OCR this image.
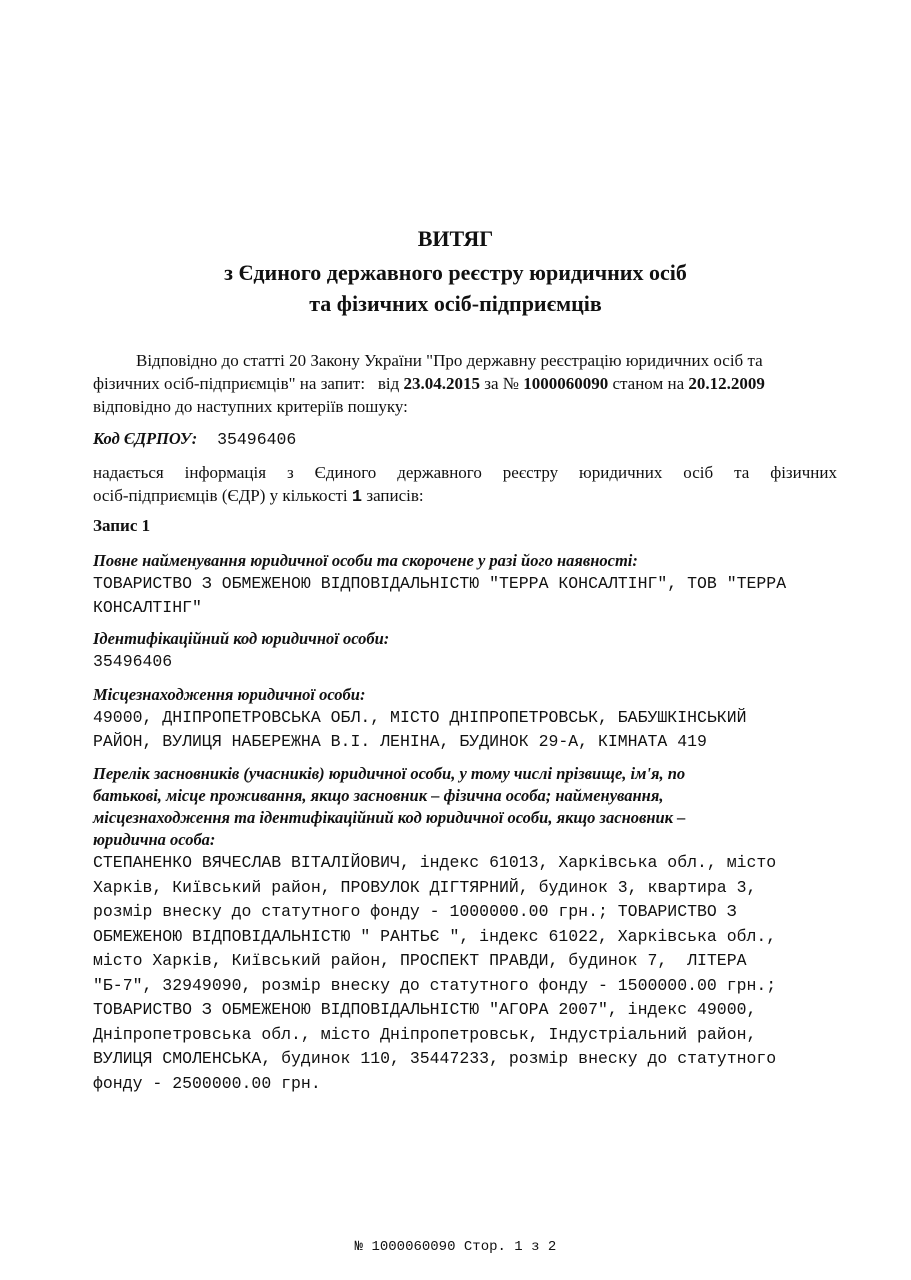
ВИТЯГ
з Єдиного державного реєстру юридичних осіб
та фізичних осіб-підприємців
Відповідно до статті 20 Закону України "Про державну реєстрацію юридичних осіб та
фізичних осіб-підприємців" на запит:   від 23.04.2015 за № 1000060090 станом на 20.12.2009
відповідно до наступних критеріїв пошуку:
Код ЄДРПОУ: 35496406
надається інформація з Єдиного державного реєстру юридичних осіб та фізичних
осіб-підприємців (ЄДР) у кількості 1 записів:
Запис 1
Повне найменування юридичної особи та скорочене у разі його наявності:
ТОВАРИСТВО З ОБМЕЖЕНОЮ ВІДПОВІДАЛЬНІСТЮ "ТЕРРА КОНСАЛТІНГ", ТОВ "ТЕРРА
КОНСАЛТІНГ"
Ідентифікаційний код юридичної особи:
35496406
Місцезнаходження юридичної особи:
49000, ДНІПРОПЕТРОВСЬКА ОБЛ., МІСТО ДНІПРОПЕТРОВСЬК, БАБУШКІНСЬКИЙ
РАЙОН, ВУЛИЦЯ НАБЕРЕЖНА В.І. ЛЕНІНА, БУДИНОК 29-А, КІМНАТА 419
Перелік засновників (учасників) юридичної особи, у тому числі прізвище, ім'я, по
батькові, місце проживання, якщо засновник – фізична особа; найменування,
місцезнаходження та ідентифікаційний код юридичної особи, якщо засновник –
юридична особа:
СТЕПАНЕНКО ВЯЧЕСЛАВ ВІТАЛІЙОВИЧ, індекс 61013, Харківська обл., місто
Харків, Київський район, ПРОВУЛОК ДІГТЯРНИЙ, будинок 3, квартира 3,
розмір внеску до статутного фонду - 1000000.00 грн.; ТОВАРИСТВО З
ОБМЕЖЕНОЮ ВІДПОВІДАЛЬНІСТЮ " РАНТЬЄ ", індекс 61022, Харківська обл.,
місто Харків, Київський район, ПРОСПЕКТ ПРАВДИ, будинок 7,  ЛІТЕРА
"Б-7", 32949090, розмір внеску до статутного фонду - 1500000.00 грн.;
ТОВАРИСТВО З ОБМЕЖЕНОЮ ВІДПОВІДАЛЬНІСТЮ "АГОРА 2007", індекс 49000,
Дніпропетровська обл., місто Дніпропетровськ, Індустріальний район,
ВУЛИЦЯ СМОЛЕНСЬКА, будинок 110, 35447233, розмір внеску до статутного
фонду - 2500000.00 грн.
№ 1000060090 Стор. 1 з 2
